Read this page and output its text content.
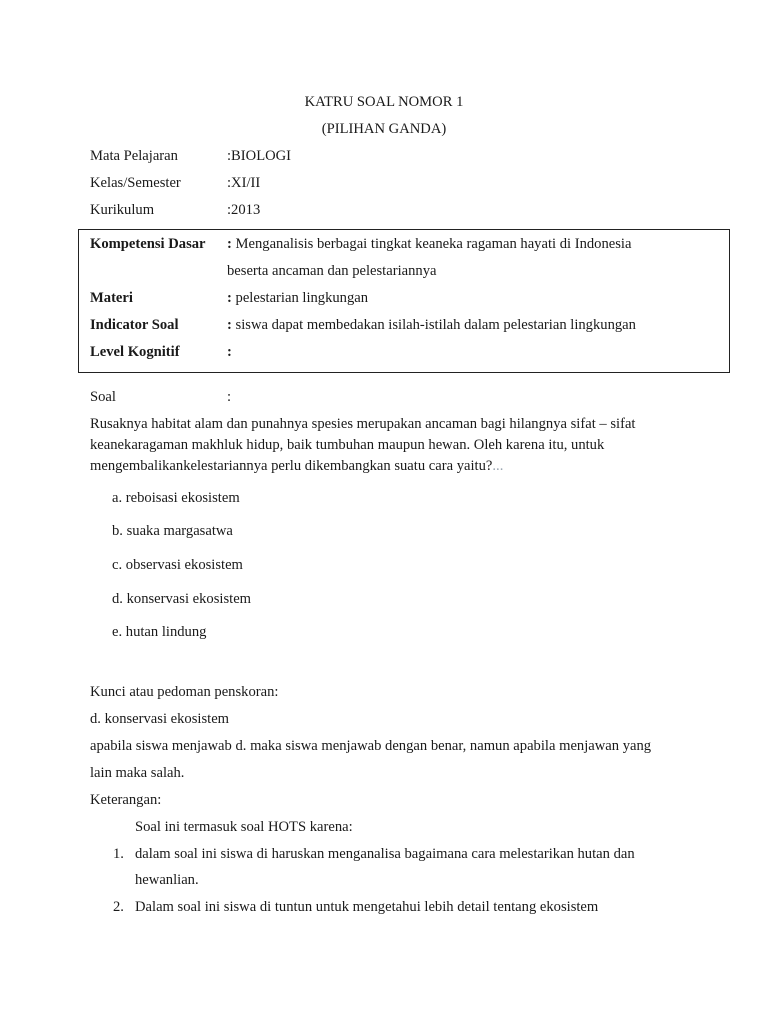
KATRU SOAL NOMOR 1
(PILIHAN GANDA)
Mata Pelajaran	:BIOLOGI
Kelas/Semester	:XI/II
Kurikulum	:2013
Kompetensi Dasar : Menganalisis berbagai tingkat keaneka ragaman hayati di Indonesia
beserta ancaman dan pelestariannya
Materi	: pelestarian lingkungan
Indicator Soal	: siswa dapat membedakan isilah-istilah dalam pelestarian lingkungan
Level Kognitif	:
Soal	:
Rusaknya habitat alam dan punahnya spesies merupakan ancaman bagi hilangnya sifat – sifat
keanekaragaman makhluk hidup, baik tumbuhan maupun hewan. Oleh karena itu, untuk
mengembalikankelestariannya perlu dikembangkan suatu cara yaitu?...
a. reboisasi ekosistem
b. suaka margasatwa
c. observasi ekosistem
d. konservasi ekosistem
e. hutan lindung
Kunci atau pedoman penskoran:
d. konservasi ekosistem
apabila siswa menjawab d. maka siswa menjawab dengan benar, namun apabila menjawan yang
lain maka salah.
Keterangan:
Soal ini termasuk soal HOTS karena:
1. dalam soal ini siswa di haruskan menganalisa bagaimana cara melestarikan hutan dan
hewanlian.
2. Dalam soal ini siswa di tuntun untuk mengetahui lebih detail tentang ekosistem
